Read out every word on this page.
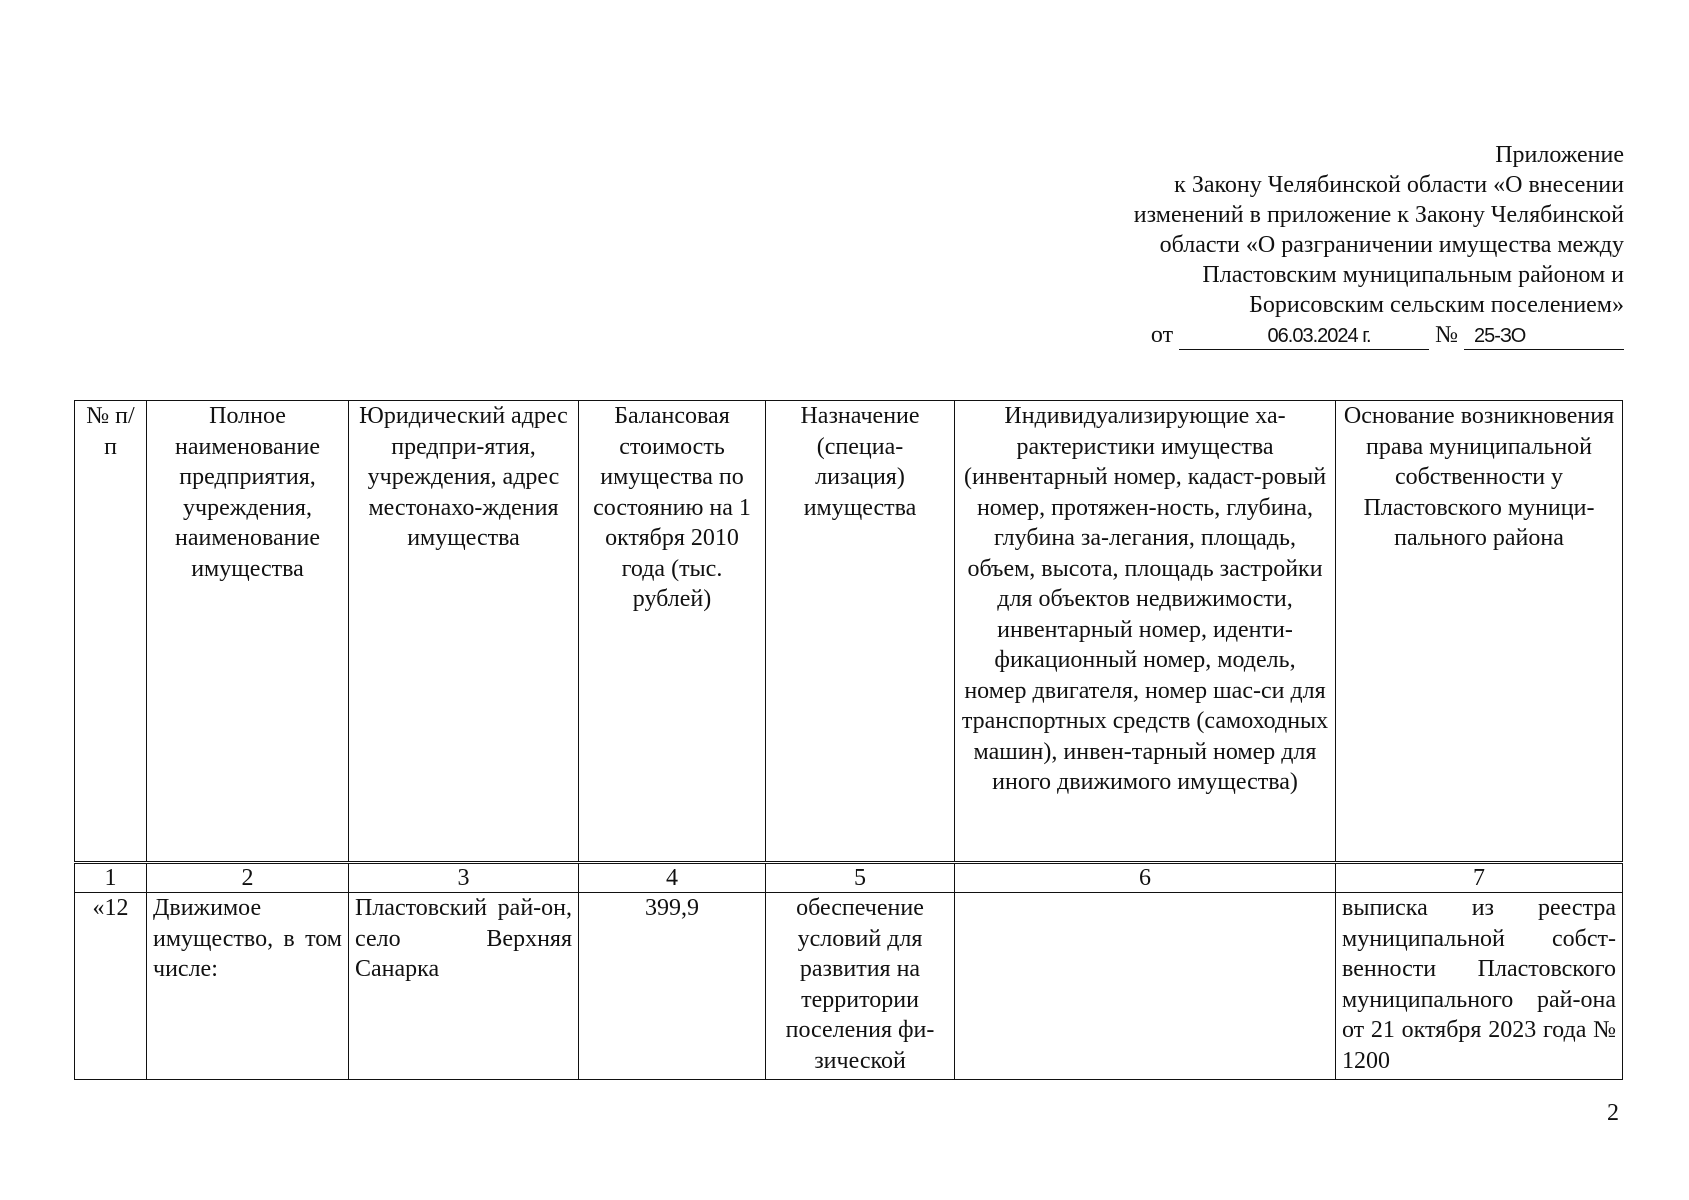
Приложение
к Закону Челябинской области «О внесении
изменений в приложение к Закону Челябинской
области «О разграничении имущества между
Пластовским муниципальным районом и
Борисовским сельским поселением»
от	06.03.2024 г.	№ 25-ЗО
№ п/п	Полное наименование предприятия, учреждения, наименование имущества	Юридический адрес предпри-ятия, учреждения, адрес местонахо-ждения имущества	Балансовая стоимость имущества по состоянию на 1 октября 2010 года (тыс. рублей)	Назначение (специа-лизация) имущества	Индивидуализирующие ха-рактеристики имущества (инвентарный номер, кадаст-ровый номер, протяжен-ность, глубина, глубина за-легания, площадь, объем, высота, площадь застройки для объектов недвижимости, инвентарный номер, иденти-фикационный номер, модель, номер двигателя, номер шас-си для транспортных средств (самоходных машин), инвен-тарный номер для иного движимого имущества)	Основание возникновения права муниципальной собственности у Пластовского муници-пального района
1	2	3	4	5	6	7
«12	Движимое имущество, в том числе:	Пластовский рай-он, село Верхняя Санарка	399,9	обеспечение условий для развития на территории поселения фи-зической		выписка из реестра муниципальной собст-венности Пластовского муниципального рай-она от 21 октября 2023 года № 1200
2
